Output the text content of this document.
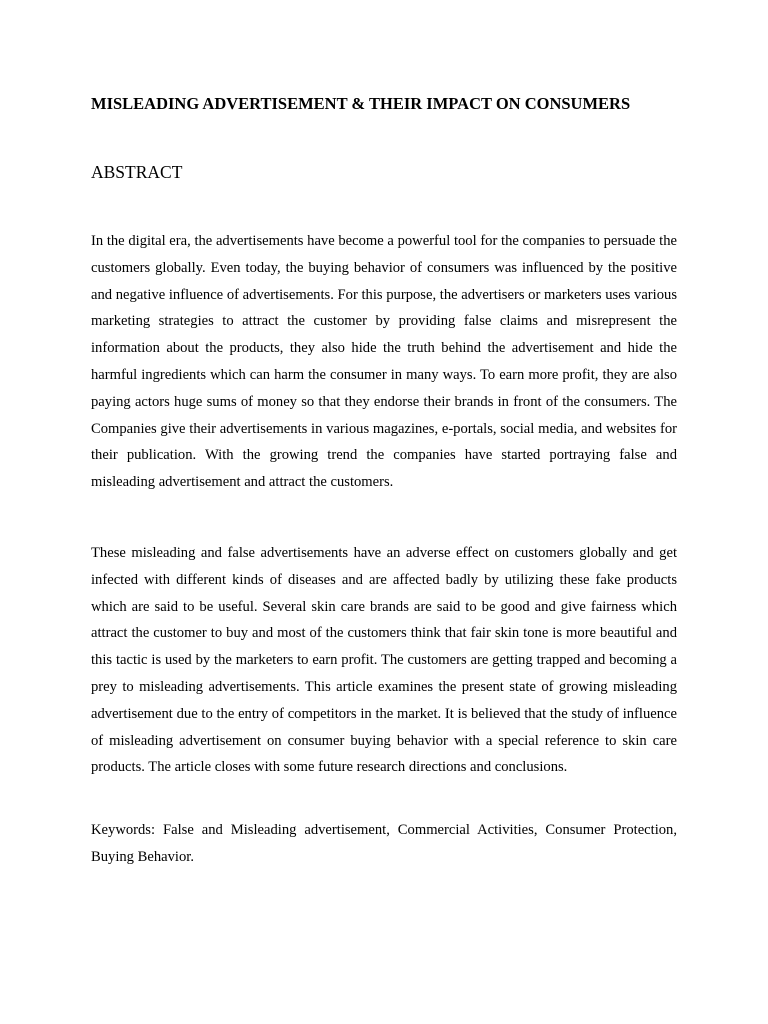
MISLEADING ADVERTISEMENT & THEIR IMPACT ON CONSUMERS
ABSTRACT

In the digital era, the advertisements have become a powerful tool for the companies to persuade the customers globally. Even today, the buying behavior of consumers was influenced by the positive and negative influence of advertisements. For this purpose, the advertisers or marketers uses various marketing strategies to attract the customer by providing false claims and misrepresent the information about the products, they also hide the truth behind the advertisement and hide the harmful ingredients which can harm the consumer in many ways. To earn more profit, they are also paying actors huge sums of money so that they endorse their brands in front of the consumers. The Companies give their advertisements in various magazines, e-portals, social media, and websites for their publication. With the growing trend the companies have started portraying false and misleading advertisement and attract the customers.

These misleading and false advertisements have an adverse effect on customers globally and get infected with different kinds of diseases and are affected badly by utilizing these fake products which are said to be useful. Several skin care brands are said to be good and give fairness which attract the customer to buy and most of the customers think that fair skin tone is more beautiful and this tactic is used by the marketers to earn profit. The customers are getting trapped and becoming a prey to misleading advertisements. This article examines the present state of growing misleading advertisement due to the entry of competitors in the market. It is believed that the study of influence of misleading advertisement on consumer buying behavior with a special reference to skin care products. The article closes with some future research directions and conclusions.

Keywords: False and Misleading advertisement, Commercial Activities, Consumer Protection, Buying Behavior.
